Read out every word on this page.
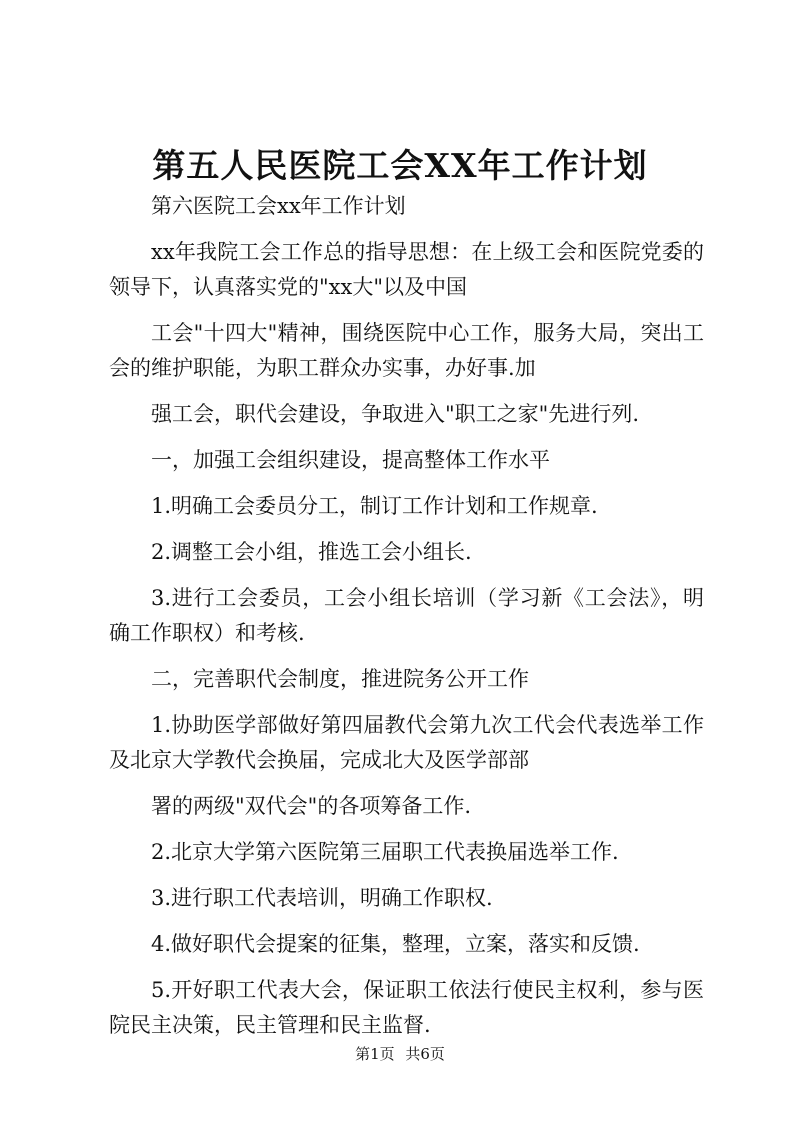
第五人民医院工会XX年工作计划

第六医院工会xx年工作计划

xx年我院工会工作总的指导思想：在上级工会和医院党委的领导下，认真落实党的"xx大"以及中国

工会"十四大"精神，围绕医院中心工作，服务大局，突出工会的维护职能，为职工群众办实事，办好事.加

强工会，职代会建设，争取进入"职工之家"先进行列.

一，加强工会组织建设，提高整体工作水平

1.明确工会委员分工，制订工作计划和工作规章.

2.调整工会小组，推选工会小组长.

3.进行工会委员，工会小组长培训（学习新《工会法》，明确工作职权）和考核.

二，完善职代会制度，推进院务公开工作

1.协助医学部做好第四届教代会第九次工代会代表选举工作及北京大学教代会换届，完成北大及医学部部

署的两级"双代会"的各项筹备工作.

2.北京大学第六医院第三届职工代表换届选举工作.

3.进行职工代表培训，明确工作职权.

4.做好职代会提案的征集，整理，立案，落实和反馈.

5.开好职工代表大会，保证职工依法行使民主权利，参与医院民主决策，民主管理和民主监督.

第1页 共6页
